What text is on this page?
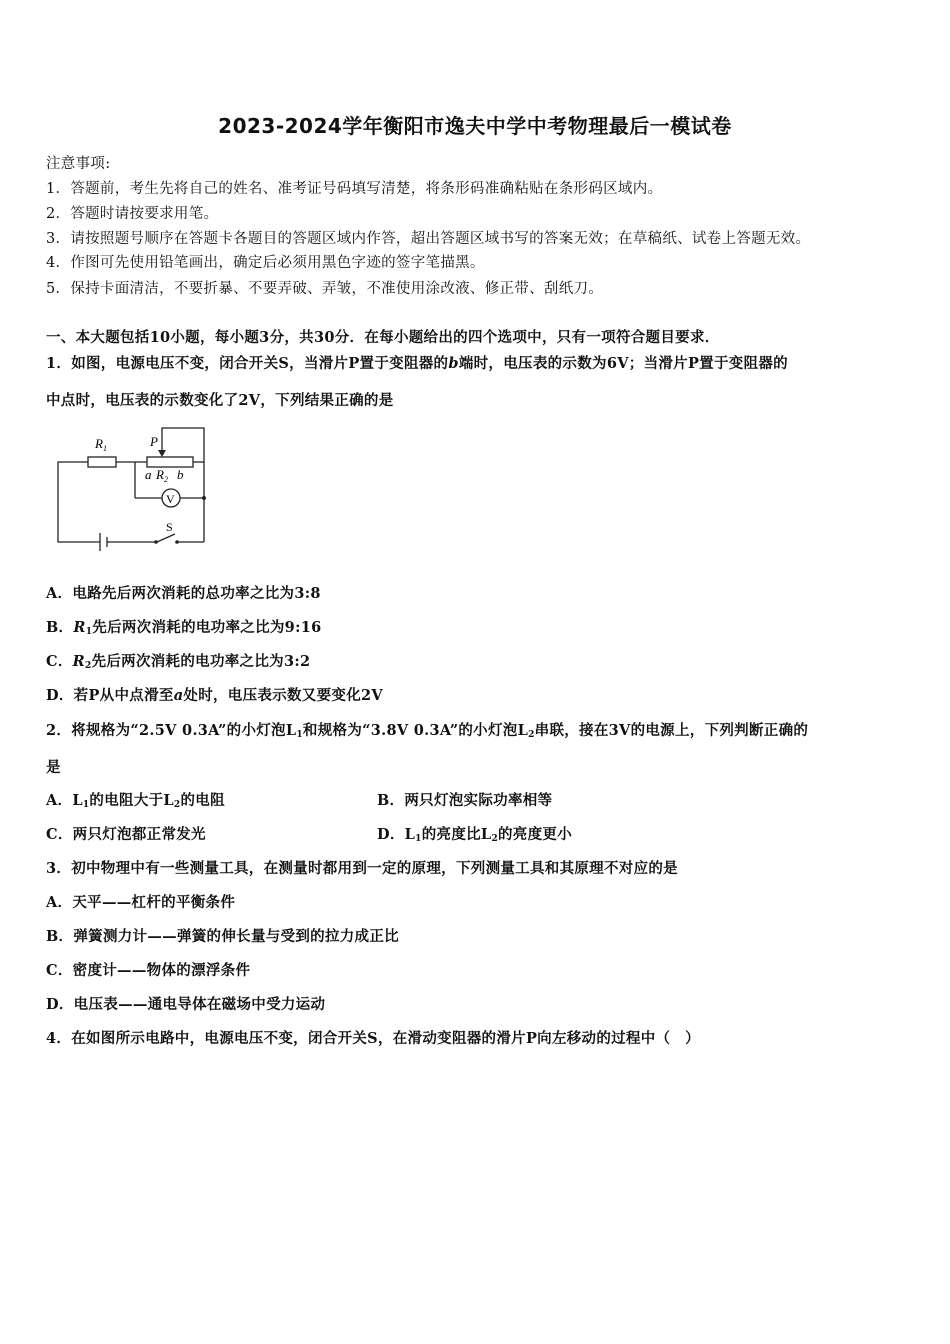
2023-2024学年衡阳市逸夫中学中考物理最后一模试卷
注意事项:
1．答题前，考生先将自己的姓名、准考证号码填写清楚，将条形码准确粘贴在条形码区域内。
2．答题时请按要求用笔。
3．请按照题号顺序在答题卡各题目的答题区域内作答，超出答题区域书写的答案无效；在草稿纸、试卷上答题无效。
4．作图可先使用铅笔画出，确定后必须用黑色字迹的签字笔描黑。
5．保持卡面清洁，不要折暴、不要弄破、弄皱，不准使用涂改液、修正带、刮纸刀。
一、本大题包括10小题，每小题3分，共30分．在每小题给出的四个选项中，只有一项符合题目要求．
1．如图，电源电压不变，闭合开关S，当滑片P置于变阻器的b端时，电压表的示数为6V；当滑片P置于变阻器的
中点时，电压表的示数变化了2V，下列结果正确的是
$R_1$	P
a $R_2$ b
V
S
A．电路先后两次消耗的总功率之比为3:8
B．$R_1$先后两次消耗的电功率之比为9:16
C．$R_2$先后两次消耗的电功率之比为3:2
D．若P从中点滑至a处时，电压表示数又要变化2V
2．将规格为“2.5V 0.3A”的小灯泡$L_1$和规格为“3.8V 0.3A”的小灯泡$L_2$串联，接在3V的电源上，下列判断正确的
是
A．$L_1$的电阻大于$L_2$的电阻	B．两只灯泡实际功率相等
C．两只灯泡都正常发光	D．$L_1$的亮度比$L_2$的亮度更小
3．初中物理中有一些测量工具，在测量时都用到一定的原理，下列测量工具和其原理不对应的是
A．天平——杠杆的平衡条件
B．弹簧测力计——弹簧的伸长量与受到的拉力成正比
C．密度计——物体的漂浮条件
D．电压表——通电导体在磁场中受力运动
4．在如图所示电路中，电源电压不变，闭合开关S，在滑动变阻器的滑片P向左移动的过程中（　）
